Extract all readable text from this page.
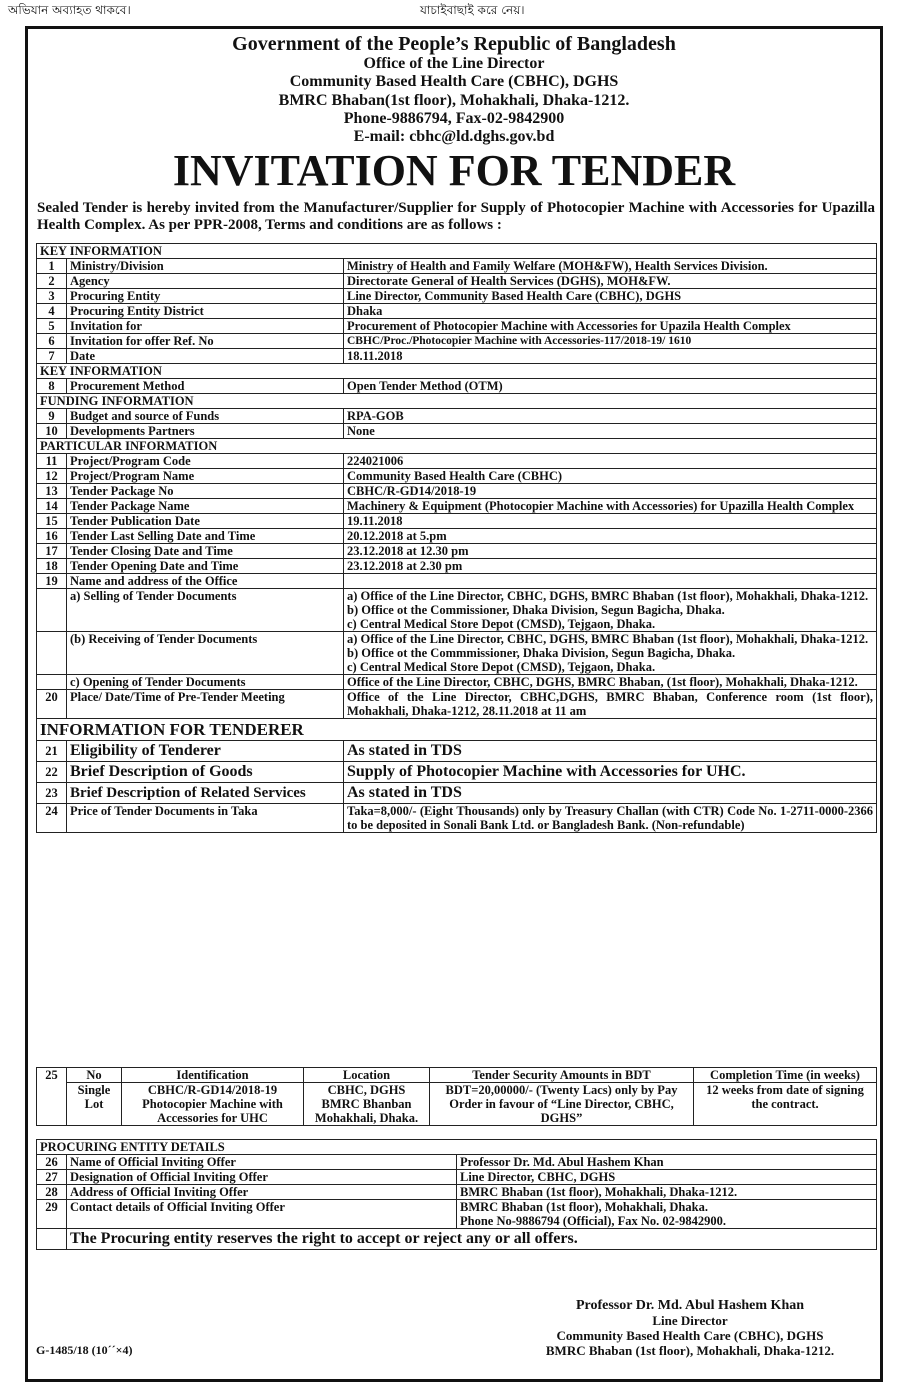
অভিযান অব্যাহত থাকবে।	যাচাইবাছাই করে নেয়।
Government of the People’s Republic of Bangladesh
Office of the Line Director
Community Based Health Care (CBHC), DGHS
BMRC Bhaban(1st floor), Mohakhali, Dhaka-1212.
Phone-9886794, Fax-02-9842900
E-mail: cbhc@ld.dghs.gov.bd
INVITATION FOR TENDER
Sealed Tender is hereby invited from the Manufacturer/Supplier for Supply of Photocopier Machine with Accessories for Upazilla Health Complex. As per PPR-2008, Terms and conditions are as follows :
KEY INFORMATION		
1	Ministry/Division	Ministry of Health and Family Welfare (MOH&FW), Health Services Division.
2	Agency	Directorate General of Health Services (DGHS), MOH&FW.
3	Procuring Entity	Line Director, Community Based Health Care (CBHC), DGHS
4	Procuring Entity District	Dhaka
5	Invitation for	Procurement of Photocopier Machine with Accessories for Upazila Health Complex
6	Invitation for offer Ref. No	CBHC/Proc./Photocopier Machine with Accessories-117/2018-19/ 1610
7	Date	18.11.2018
KEY INFORMATION		
8	Procurement Method	Open Tender Method (OTM)
FUNDING INFORMATION		
9	Budget and source of Funds	RPA-GOB
10	Developments Partners	None
PARTICULAR INFORMATION		
11	Project/Program Code	224021006
12	Project/Program Name	Community Based Health Care (CBHC)
13	Tender Package No	CBHC/R-GD14/2018-19
14	Tender Package Name	Machinery & Equipment (Photocopier Machine with Accessories) for Upazilla Health Complex
15	Tender Publication Date	19.11.2018
16	Tender Last Selling Date and Time	20.12.2018 at 5.pm
17	Tender Closing Date and Time	23.12.2018 at 12.30 pm
18	Tender Opening Date and Time	23.12.2018 at 2.30 pm
19	Name and address of the Office	
	a) Selling of Tender Documents	a) Office of the Line Director, CBHC, DGHS, BMRC Bhaban (1st floor), Mohakhali, Dhaka-1212.
b) Office ot the Commissioner, Dhaka Division, Segun Bagicha, Dhaka.
c) Central Medical Store Depot (CMSD), Tejgaon, Dhaka.

	(b) Receiving of Tender Documents	a) Office of the Line Director, CBHC, DGHS, BMRC Bhaban (1st floor), Mohakhali, Dhaka-1212.
b) Office ot the Commmissioner, Dhaka Division, Segun Bagicha, Dhaka.
c) Central Medical Store Depot (CMSD), Tejgaon, Dhaka.

	c) Opening of Tender Documents	Office of the Line Director, CBHC, DGHS, BMRC Bhaban, (1st floor), Mohakhali, Dhaka-1212.
20	Place/ Date/Time of Pre-Tender Meeting	Office of the Line Director, CBHC,DGHS, BMRC Bhaban, Conference room (1st floor), Mohakhali, Dhaka-1212, 28.11.2018 at 11 am
INFORMATION FOR TENDERER		
21	Eligibility of Tenderer	As stated in TDS
22	Brief Description of Goods	Supply of Photocopier Machine with Accessories for UHC.
23	Brief Description of Related Services	As stated in TDS
24	Price of Tender Documents in Taka	Taka=8,000/- (Eight Thousands) only by Treasury Challan (with CTR) Code No. 1-2711-0000-2366 to be deposited in Sonali Bank Ltd. or Bangladesh Bank. (Non-refundable)
25	No	Identification	Location	Tender Security Amounts in BDT	Completion Time (in weeks)
	Single Lot	CBHC/R-GD14/2018-19 Photocopier Machine with Accessories for UHC	CBHC, DGHS BMRC Bhanban Mohakhali, Dhaka.	BDT=20,00000/- (Twenty Lacs) only by Pay Order in favour of “Line Director, CBHC, DGHS”	12 weeks from date of signing the contract.
PROCURING ENTITY DETAILS		
26	Name of Official Inviting Offer	Professor Dr. Md. Abul Hashem Khan
27	Designation of Official Inviting Offer	Line Director, CBHC, DGHS
28	Address of Official Inviting Offer	BMRC Bhaban (1st floor), Mohakhali, Dhaka-1212.
29	Contact details of Official Inviting Offer	BMRC Bhaban (1st floor), Mohakhali, Dhaka.
Phone No-9886794 (Official), Fax No. 02-9842900.

	The Procuring entity reserves the right to accept or reject any or all offers.	
Professor Dr. Md. Abul Hashem Khan
Line Director
Community Based Health Care (CBHC), DGHS
BMRC Bhaban (1st floor), Mohakhali, Dhaka-1212.
G-1485/18 (10´´×4)
